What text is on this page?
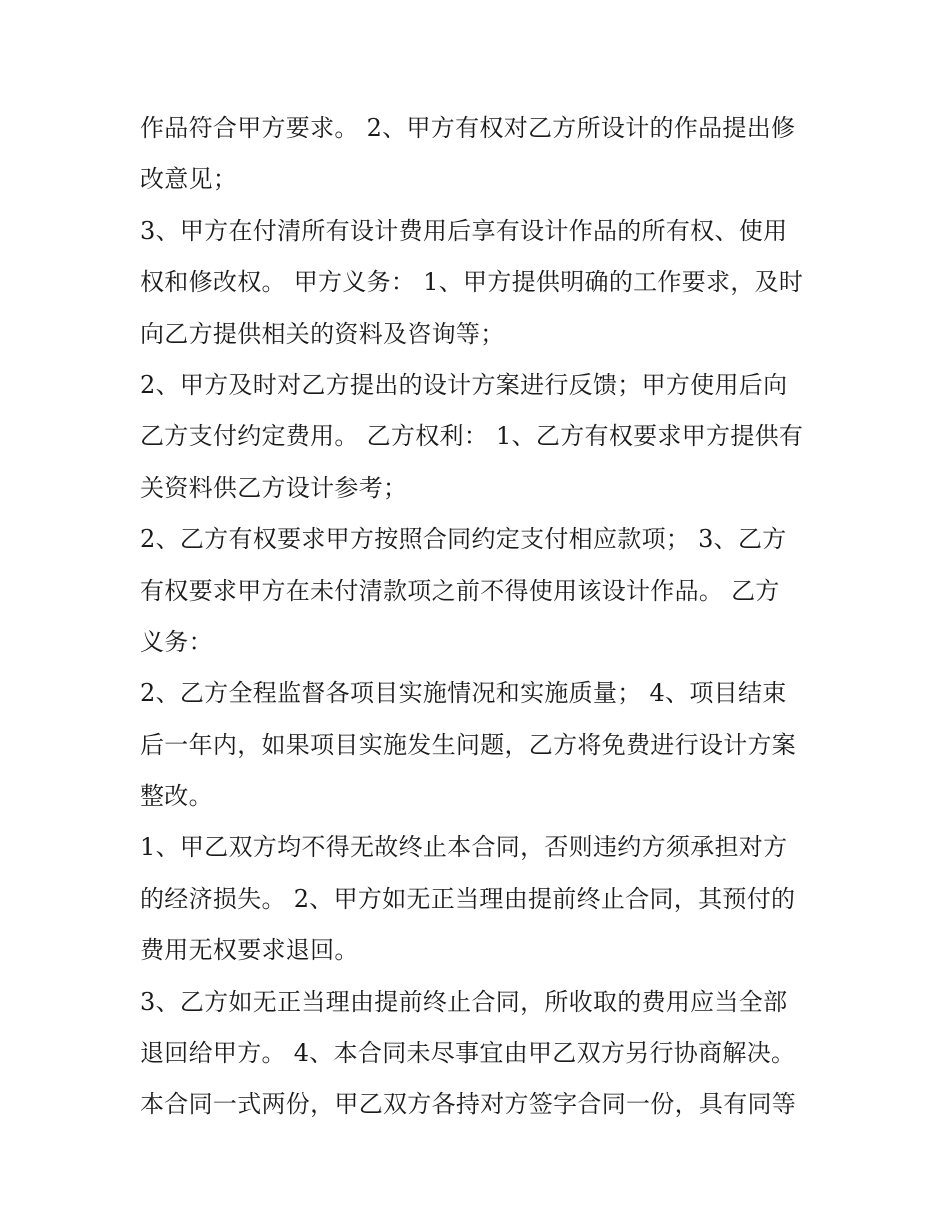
作品符合甲方要求。 2、甲方有权对乙方所设计的作品提出修
改意见；
3、甲方在付清所有设计费用后享有设计作品的所有权、使用
权和修改权。 甲方义务： 1、甲方提供明确的工作要求，及时
向乙方提供相关的资料及咨询等；
2、甲方及时对乙方提出的设计方案进行反馈；甲方使用后向
乙方支付约定费用。 乙方权利： 1、乙方有权要求甲方提供有
关资料供乙方设计参考；
2、乙方有权要求甲方按照合同约定支付相应款项； 3、乙方
有权要求甲方在未付清款项之前不得使用该设计作品。 乙方
义务：
2、乙方全程监督各项目实施情况和实施质量； 4、项目结束
后一年内，如果项目实施发生问题，乙方将免费进行设计方案
整改。
1、甲乙双方均不得无故终止本合同，否则违约方须承担对方
的经济损失。 2、甲方如无正当理由提前终止合同，其预付的
费用无权要求退回。
3、乙方如无正当理由提前终止合同，所收取的费用应当全部
退回给甲方。 4、本合同未尽事宜由甲乙双方另行协商解决。
本合同一式两份，甲乙双方各持对方签字合同一份，具有同等
